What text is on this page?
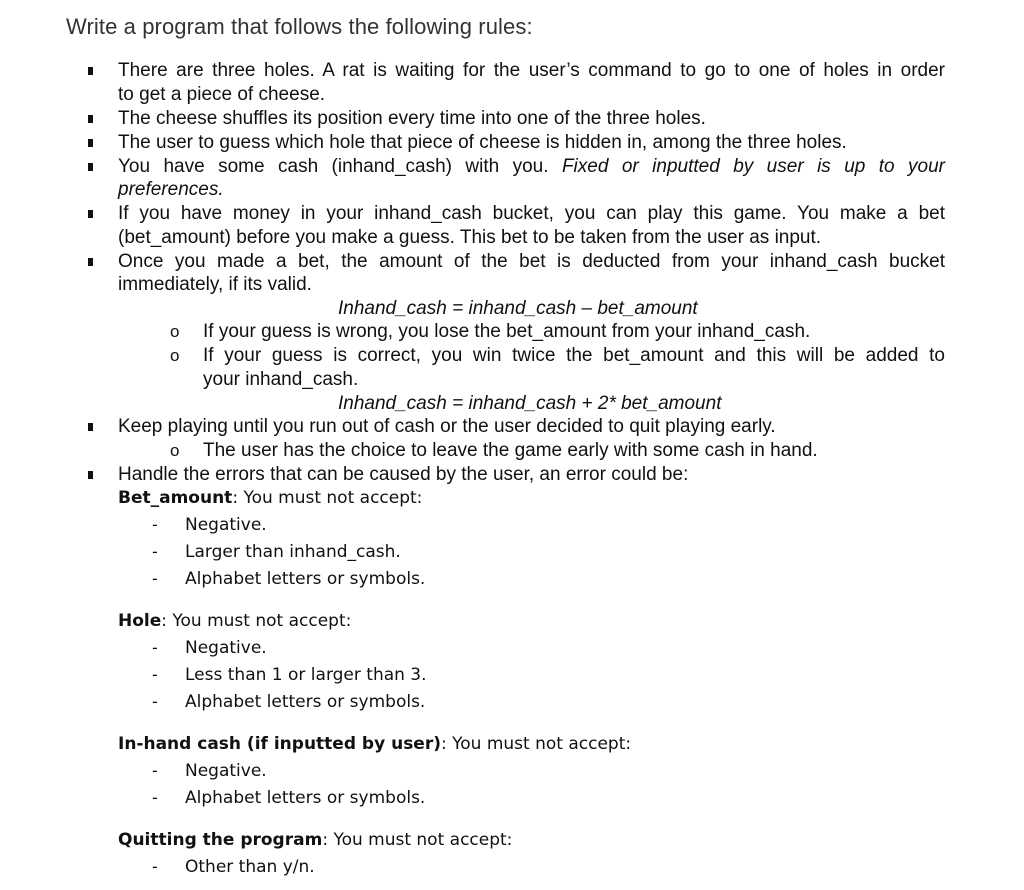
Write a program that follows the following rules:
There are three holes. A rat is waiting for the user’s command to go to one of holes in order
to get a piece of cheese.
The cheese shuffles its position every time into one of the three holes.
The user to guess which hole that piece of cheese is hidden in, among the three holes.
You have some cash (inhand_cash) with you. Fixed or inputted by user is up to your
preferences.
If you have money in your inhand_cash bucket, you can play this game. You make a bet
(bet_amount) before you make a guess. This bet to be taken from the user as input.
Once you made a bet, the amount of the bet is deducted from your inhand_cash bucket
immediately, if its valid.
Inhand_cash = inhand_cash – bet_amount
o If your guess is wrong, you lose the bet_amount from your inhand_cash.
o If your guess is correct, you win twice the bet_amount and this will be added to
your inhand_cash.
Inhand_cash = inhand_cash + 2* bet_amount
Keep playing until you run out of cash or the user decided to quit playing early.
o The user has the choice to leave the game early with some cash in hand.
Handle the errors that can be caused by the user, an error could be:
Bet_amount: You must not accept:
- Negative.
- Larger than inhand_cash.
- Alphabet letters or symbols.
Hole: You must not accept:
- Negative.
- Less than 1 or larger than 3.
- Alphabet letters or symbols.
In-hand cash (if inputted by user): You must not accept:
- Negative.
- Alphabet letters or symbols.
Quitting the program: You must not accept:
- Other than y/n.
